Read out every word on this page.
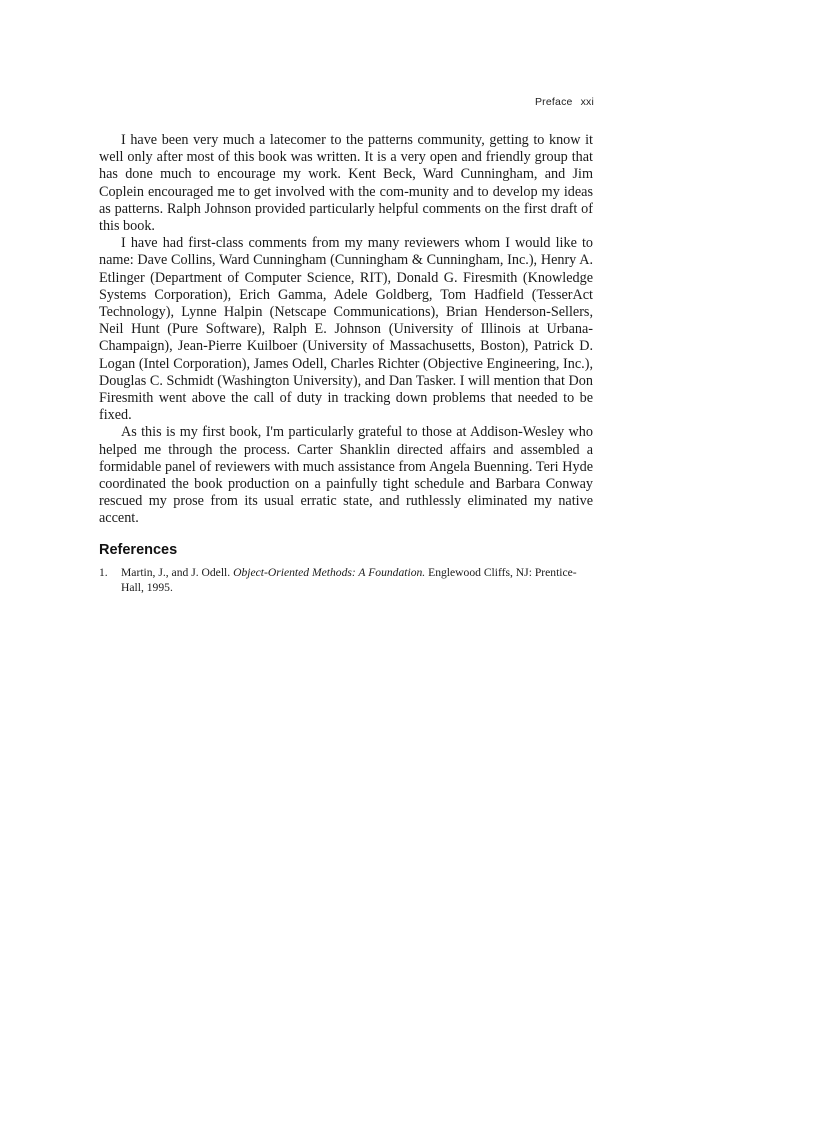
Preface xxi

I have been very much a latecomer to the patterns community, getting to know it well only after most of this book was written. It is a very open and friendly group that has done much to encourage my work. Kent Beck, Ward Cunningham, and Jim Coplein encouraged me to get involved with the com-munity and to develop my ideas as patterns. Ralph Johnson provided particularly helpful comments on the first draft of this book.

I have had first-class comments from my many reviewers whom I would like to name: Dave Collins, Ward Cunningham (Cunningham & Cunningham, Inc.), Henry A. Etlinger (Department of Computer Science, RIT), Donald G. Firesmith (Knowledge Systems Corporation), Erich Gamma, Adele Goldberg, Tom Hadfield (TesserAct Technology), Lynne Halpin (Netscape Communications), Brian Henderson-Sellers, Neil Hunt (Pure Software), Ralph E. Johnson (University of Illinois at Urbana-Champaign), Jean-Pierre Kuilboer (University of Massachusetts, Boston), Patrick D. Logan (Intel Corporation), James Odell, Charles Richter (Objective Engineering, Inc.), Douglas C. Schmidt (Washington University), and Dan Tasker. I will mention that Don Firesmith went above the call of duty in tracking down problems that needed to be fixed.

As this is my first book, I'm particularly grateful to those at Addison-Wesley who helped me through the process. Carter Shanklin directed affairs and assembled a formidable panel of reviewers with much assistance from Angela Buenning. Teri Hyde coordinated the book production on a painfully tight schedule and Barbara Conway rescued my prose from its usual erratic state, and ruthlessly eliminated my native accent.

References
1. Martin, J., and J. Odell. Object-Oriented Methods: A Foundation. Englewood Cliffs, NJ: Prentice-Hall, 1995.
